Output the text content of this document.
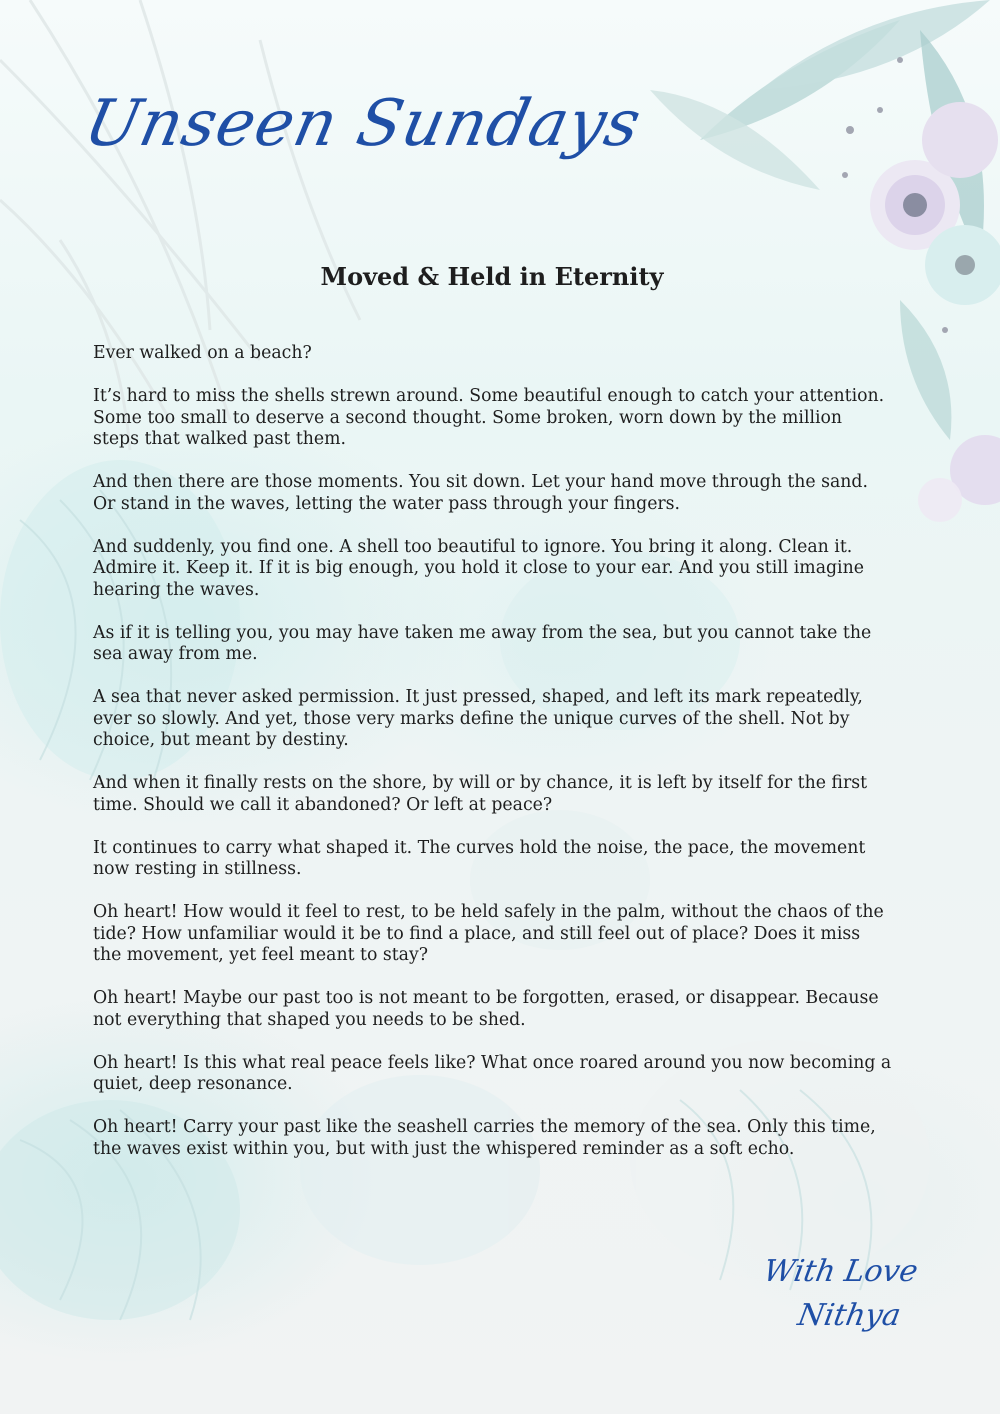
Unseen Sundays
Moved & Held in Eternity

Ever walked on a beach?

It’s hard to miss the shells strewn around. Some beautiful enough to catch your attention. Some too small to deserve a second thought. Some broken, worn down by the million steps that walked past them.

And then there are those moments. You sit down. Let your hand move through the sand. Or stand in the waves, letting the water pass through your fingers.

And suddenly, you find one. A shell too beautiful to ignore. You bring it along. Clean it. Admire it. Keep it. If it is big enough, you hold it close to your ear. And you still imagine hearing the waves.

As if it is telling you, you may have taken me away from the sea, but you cannot take the sea away from me.

A sea that never asked permission. It just pressed, shaped, and left its mark repeatedly, ever so slowly. And yet, those very marks define the unique curves of the shell. Not by choice, but meant by destiny.

And when it finally rests on the shore, by will or by chance, it is left by itself for the first time. Should we call it abandoned? Or left at peace?

It continues to carry what shaped it. The curves hold the noise, the pace, the movement now resting in stillness.

Oh heart! How would it feel to rest, to be held safely in the palm, without the chaos of the tide? How unfamiliar would it be to find a place, and still feel out of place? Does it miss the movement, yet feel meant to stay?

Oh heart! Maybe our past too is not meant to be forgotten, erased, or disappear. Because not everything that shaped you needs to be shed.

Oh heart! Is this what real peace feels like? What once roared around you now becoming a quiet, deep resonance.

Oh heart! Carry your past like the seashell carries the memory of the sea. Only this time, the waves exist within you, but with just the whispered reminder as a soft echo.

With Love
Nithya
